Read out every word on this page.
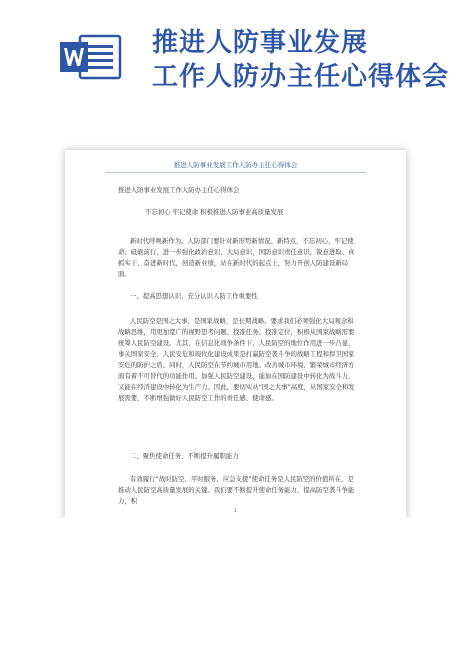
推进人防事业发展
工作人防办主任心得体会
推进人防事业发展工作人防办主任心得体会
推进人防事业发展工作人防办主任心得体会
不忘初心 牢记使命 积极推进人防事业高质量发展

新时代呼唤新作为。人防部门要针对新形势新情况、新特点，不忘初心，牢记使命、砥砺前行，进一步强化政治意识、大局意识，国防意识责任意识，锐意进取、真抓实干、奋进新时代，创造新业绩，站在新时代的起点上，努力开创人防建设新局面。

一、提高思想认识，充分认识人防工作重要性

人民防空是国之大事，是国家战略，是长期战略。要求我们必须强化大局观念和战略思维，用更加宽广的视野思考问题、找准任务、找准定位，积极从国家战略需要统筹人民防空建设。尤其，在信息化战争条件下，人民防空的地位作用进一步凸显，事关国家安全、人民安危和现代化建设成果是打赢防空袭斗争的战略工程和捍卫国家安危的防护之盾。同时，人民防空在节约城市用地、改善城市环境、繁荣城市经济方面有着不可替代的功能作用。加强人民防空建设，能加在国防建设中转化为战斗力，又能在经济建设中转化为生产力。因此，要切实从“国之大事”高度，从国家安全和发展需要，不断增强做好人民防空工作的责任感、使命感。

二、聚焦使命任务，不断提升履职能力

有效履行“战时防空、平时服务、应急支援”使命任务是人民防空的价值所在，是推动人民防空高质量发展的关键。我们要不断提升使命任务能力，提高防空袭斗争能力，积

1
